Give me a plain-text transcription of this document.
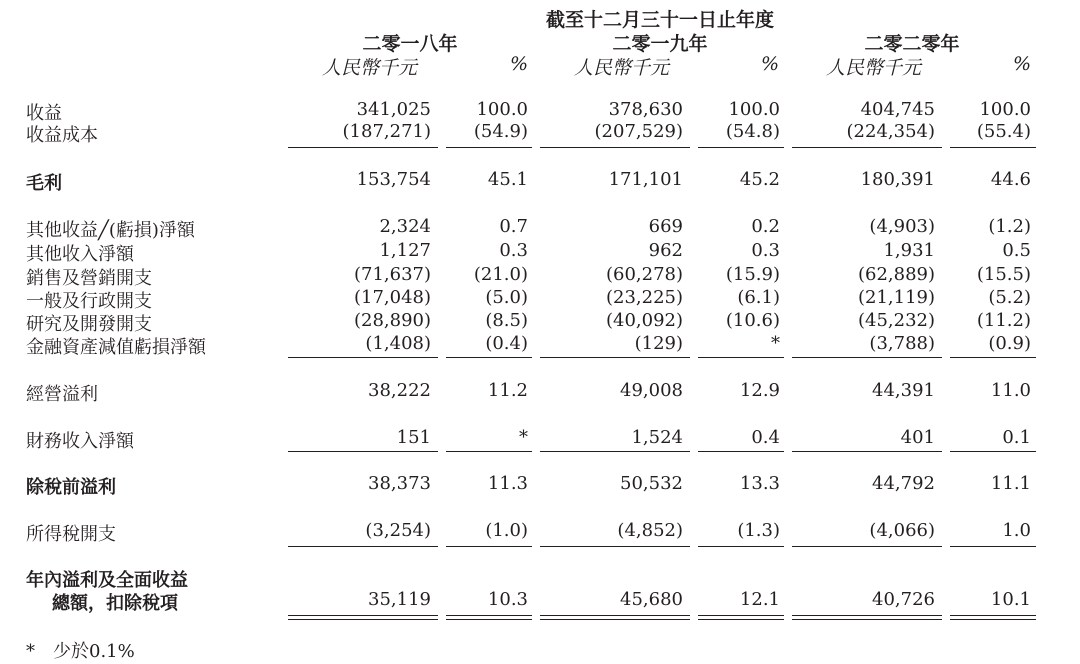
截至十二月三十一日止年度
二零一八年	二零一九年	二零二零年
人民幣千元	% 人民幣千元	% 人民幣千元	%
收益	341,025	100.0	378,630	100.0	404,745 100.0
收益成本	(187,271) (54.9)	(207,529) (54.8)	(224,354) (55.4)
毛利	153,754	45.1	171,101	45.2	180,391	44.6
其他收益╱(虧損)淨額	2,324	0.7	669	0.2	(4,903)	(1.2)
其他收入淨額	1,127	0.3	962	0.3	1,931	0.5
銷售及營銷開支	(71,637) (21.0)	(60,278) (15.9)	(62,889) (15.5)
一般及行政開支	(17,048)	(5.0)	(23,225)	(6.1)	(21,119)	(5.2)
研究及開發開支	(28,890)	(8.5)	(40,092) (10.6)	(45,232) (11.2)
金融資產減值虧損淨額	(1,408)	(0.4)	(129)	*	(3,788)	(0.9)
經營溢利	38,222	11.2	49,008	12.9	44,391	11.0
財務收入淨額	151	*	1,524	0.4	401	0.1
除稅前溢利	38,373	11.3	50,532	13.3	44,792	11.1
所得稅開支	(3,254)	(1.0)	(4,852)	(1.3)	(4,066)	1.0
年內溢利及全面收益
總額，扣除稅項	35,119	10.3	45,680	12.1	40,726	10.1
*　少於0.1%
